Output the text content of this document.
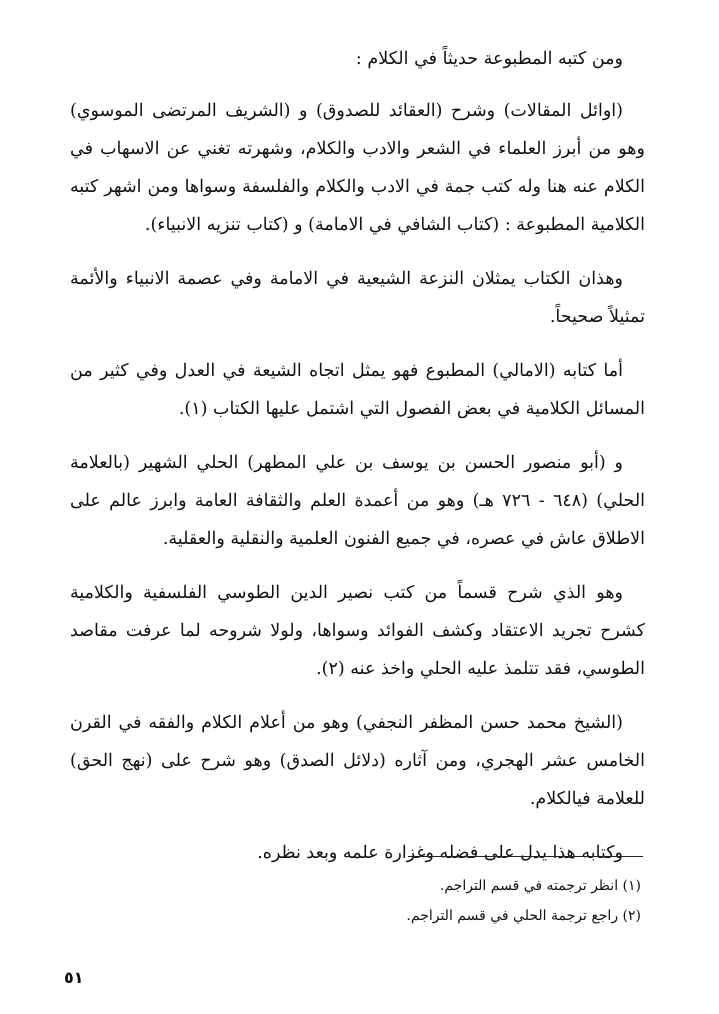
ومن كتبه المطبوعة حديثاً في الكلام :

(اوائل المقالات) وشرح (العقائد للصدوق) و (الشريف المرتضى الموسوي) وهو من أبرز العلماء في الشعر والادب والكلام، وشهرته تغني عن الاسهاب في الكلام عنه هنا وله كتب جمة في الادب والكلام والفلسفة وسواها ومن اشهر كتبه الكلامية المطبوعة : (كتاب الشافي في الامامة) و (كتاب تنزيه الانبياء).

وهذان الكتاب يمثلان النزعة الشيعية في الامامة وفي عصمة الانبياء والأئمة تمثيلاً صحيحاً.

أما كتابه (الامالي) المطبوع فهو يمثل اتجاه الشيعة في العدل وفي كثير من المسائل الكلامية في بعض الفصول التي اشتمل عليها الكتاب (١).

و (أبو منصور الحسن بن يوسف بن علي المطهر) الحلي الشهير (بالعلامة الحلي) (٦٤٨ - ٧٢٦ هـ) وهو من أعمدة العلم والثقافة العامة وابرز عالم على الاطلاق عاش في عصره، في جميع الفنون العلمية والنقلية والعقلية.

وهو الذي شرح قسماً من كتب نصير الدين الطوسي الفلسفية والكلامية كشرح تجريد الاعتقاد وكشف الفوائد وسواها، ولولا شروحه لما عرفت مقاصد الطوسي، فقد تتلمذ عليه الحلي واخذ عنه (٢).

(الشيخ محمد حسن المظفر النجفي) وهو من أعلام الكلام والفقه في القرن الخامس عشر الهجري، ومن آثاره (دلائل الصدق) وهو شرح على (نهج الحق) للعلامة فيالكلام.

وكتابه هذا يدل على فضله وغزارة علمه وبعد نظره.

(١) انظر ترجمته في قسم التراجم.
(٢) راجع ترجمة الحلي في قسم التراجم.
٥١
